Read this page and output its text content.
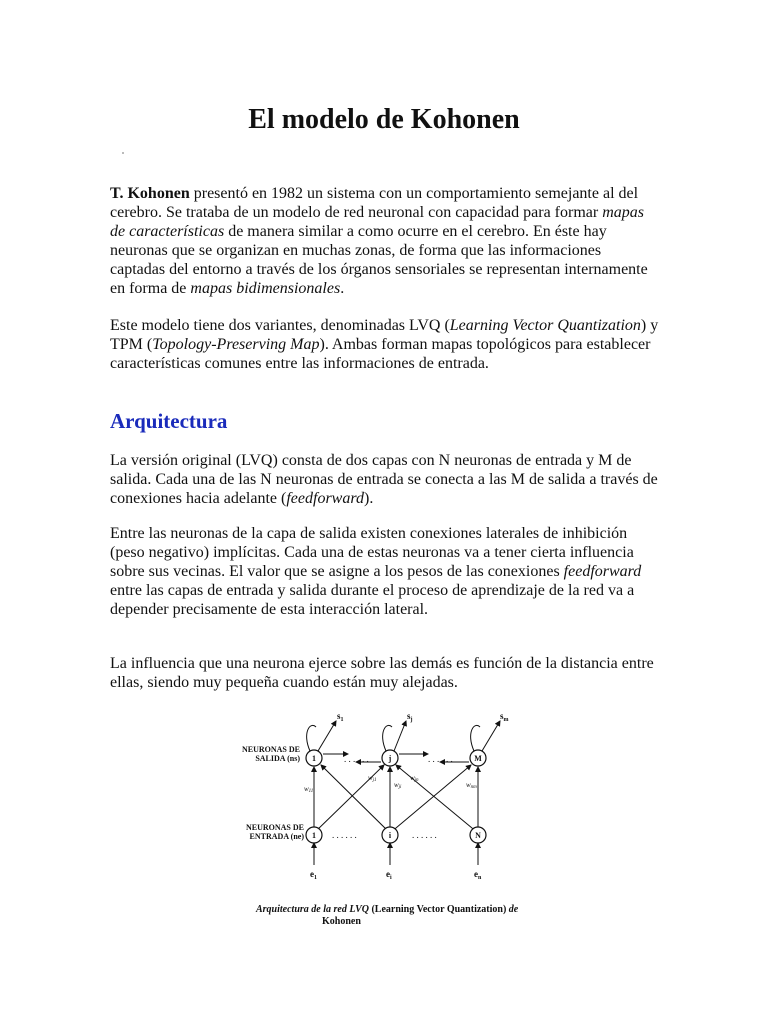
El modelo de Kohonen

T. Kohonen presentó en 1982 un sistema con un comportamiento semejante al del cerebro. Se trataba de un modelo de red neuronal con capacidad para formar mapas de características de manera similar a como ocurre en el cerebro. En éste hay neuronas que se organizan en muchas zonas, de forma que las informaciones captadas del entorno a través de los órganos sensoriales se representan internamente en forma de mapas bidimensionales.

Este modelo tiene dos variantes, denominadas LVQ (Learning Vector Quantization) y TPM (Topology-Preserving Map). Ambas forman mapas topológicos para establecer características comunes entre las informaciones de entrada.

Arquitectura

La versión original (LVQ) consta de dos capas con N neuronas de entrada y M de salida. Cada una de las N neuronas de entrada se conecta a las M de salida a través de conexiones hacia adelante (feedforward).

Entre las neuronas de la capa de salida existen conexiones laterales de inhibición (peso negativo) implícitas. Cada una de estas neuronas va a tener cierta influencia sobre sus vecinas. El valor que se asigne a los pesos de las conexiones feedforward entre las capas de entrada y salida durante el proceso de aprendizaje de la red va a depender precisamente de esta interacción lateral.

La influencia que una neurona ejerce sobre las demás es función de la distancia entre ellas, siendo muy pequeña cuando están muy alejadas.

1	j	M
1	i	N
NEURONAS DE
SALIDA (ns)
NEURONAS DE
ENTRADA (ne)
$s_1$	$s_j$	$s_m$
$e_1$	$e_i$	$e_n$
w11
wj1
wji
wjn
wnm
. . . . . .	. . . . . .
. . . . . .	. . . . . .
Arquitectura de la red LVQ (Learning Vector Quantization) de
Kohonen
